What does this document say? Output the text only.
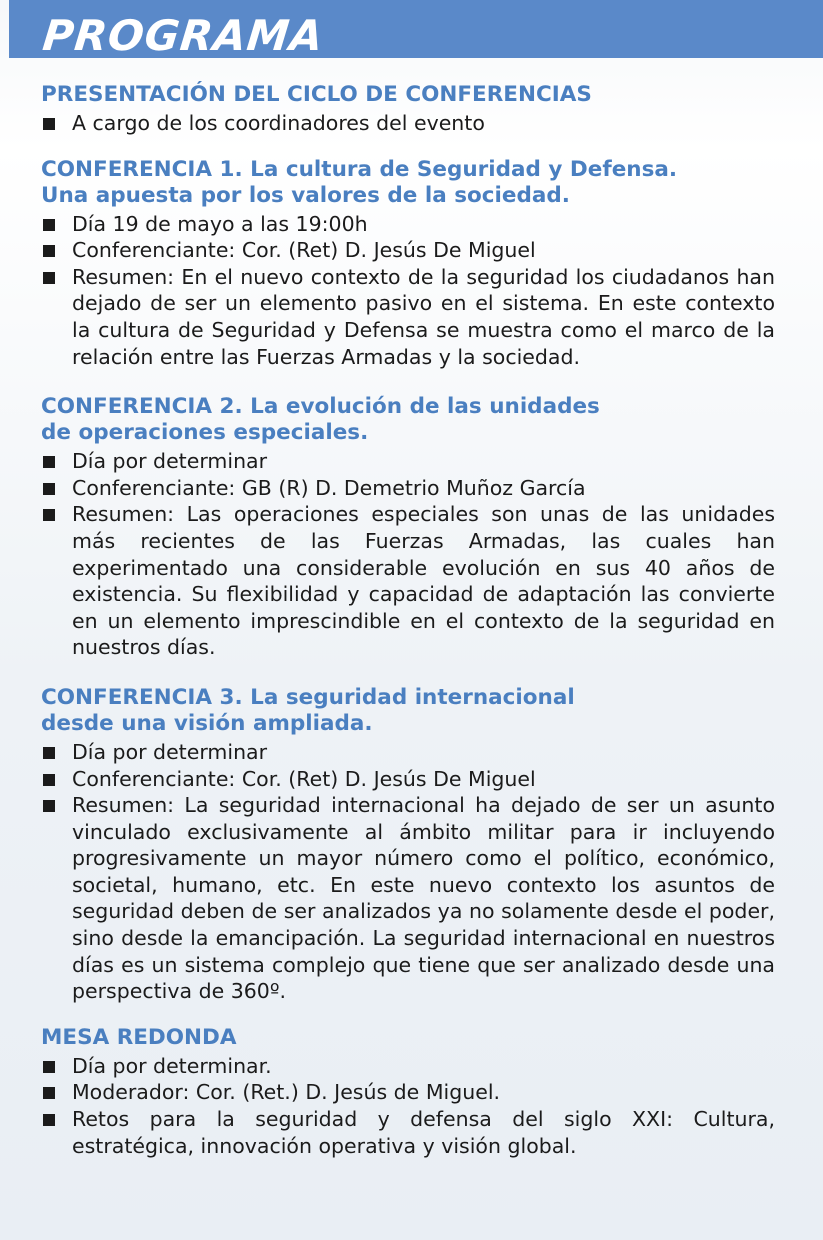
PROGRAMA
PRESENTACIÓN DEL CICLO DE CONFERENCIAS
A cargo de los coordinadores del evento
CONFERENCIA 1. La cultura de Seguridad y Defensa.
Una apuesta por los valores de la sociedad.
Día 19 de mayo a las 19:00h
Conferenciante: Cor. (Ret) D. Jesús De Miguel
Resumen: En el nuevo contexto de la seguridad los ciudadanos han dejado de ser un elemento pasivo en el sistema. En este contexto la cultura de Seguridad y Defensa se muestra como el marco de la relación entre las Fuerzas Armadas y la sociedad.
CONFERENCIA 2. La evolución de las unidades
de operaciones especiales.
Día por determinar
Conferenciante: GB (R) D. Demetrio Muñoz García
Resumen: Las operaciones especiales son unas de las unidades más recientes de las Fuerzas Armadas, las cuales han experimentado una considerable evolución en sus 40 años de existencia. Su flexibilidad y capacidad de adaptación las convierte en un elemento imprescindible en el contexto de la seguridad en nuestros días.
CONFERENCIA 3. La seguridad internacional
desde una visión ampliada.
Día por determinar
Conferenciante: Cor. (Ret) D. Jesús De Miguel
Resumen: La seguridad internacional ha dejado de ser un asunto vinculado exclusivamente al ámbito militar para ir incluyendo progresivamente un mayor número como el político, económico, societal, humano, etc. En este nuevo contexto los asuntos de seguridad deben de ser analizados ya no solamente desde el poder, sino desde la emancipación. La seguridad internacional en nuestros días es un sistema complejo que tiene que ser analizado desde una perspectiva de 360º.
MESA REDONDA
Día por determinar.
Moderador: Cor. (Ret.) D. Jesús de Miguel.
Retos para la seguridad y defensa del siglo XXI: Cultura, estratégica, innovación operativa y visión global.
